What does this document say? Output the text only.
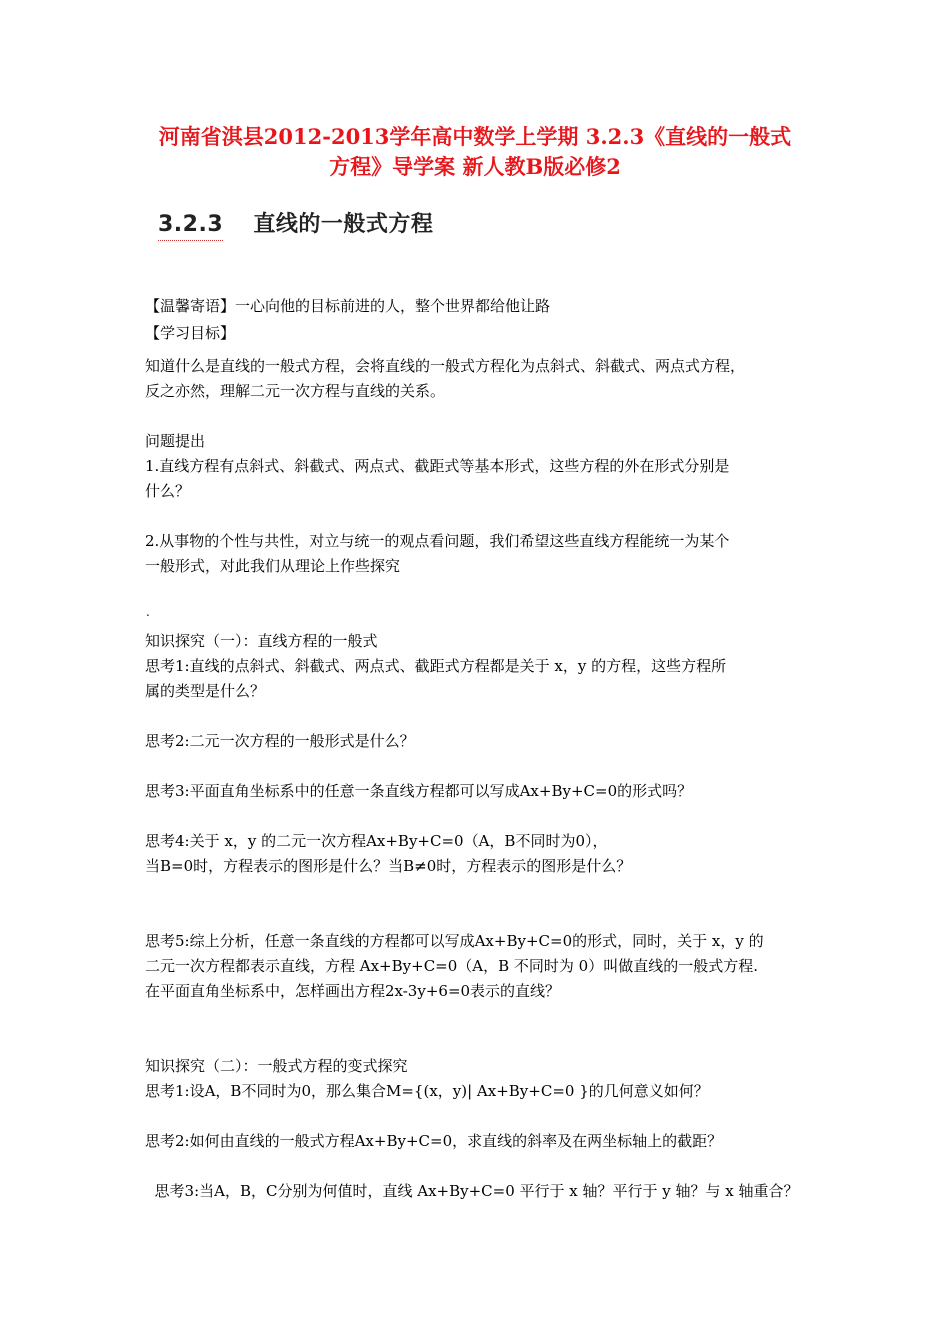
河南省淇县2012-2013学年高中数学上学期 3.2.3《直线的一般式
方程》导学案 新人教B版必修2
3.2.3 直线的一般式方程
【温馨寄语】一心向他的目标前进的人，整个世界都给他让路
【学习目标】
知道什么是直线的一般式方程，会将直线的一般式方程化为点斜式、斜截式、两点式方程，
反之亦然，理解二元一次方程与直线的关系。
问题提出
1.直线方程有点斜式、斜截式、两点式、截距式等基本形式，这些方程的外在形式分别是
什么？
2.从事物的个性与共性，对立与统一的观点看问题，我们希望这些直线方程能统一为某个
一般形式，对此我们从理论上作些探究
.
知识探究（一）：直线方程的一般式
思考1:直线的点斜式、斜截式、两点式、截距式方程都是关于 x，y 的方程，这些方程所
属的类型是什么？
思考2:二元一次方程的一般形式是什么？
思考3:平面直角坐标系中的任意一条直线方程都可以写成Ax+By+C=0的形式吗？
思考4:关于 x，y 的二元一次方程Ax+By+C=0（A，B不同时为0），
当B=0时，方程表示的图形是什么？当B≠0时，方程表示的图形是什么？
思考5:综上分析，任意一条直线的方程都可以写成Ax+By+C=0的形式，同时，关于 x，y 的
二元一次方程都表示直线，方程 Ax+By+C=0（A，B 不同时为 0）叫做直线的一般式方程.
在平面直角坐标系中，怎样画出方程2x-3y+6=0表示的直线？
知识探究（二）：一般式方程的变式探究
思考1:设A，B不同时为0，那么集合M={(x，y)| Ax+By+C=0 }的几何意义如何？
思考2:如何由直线的一般式方程Ax+By+C=0，求直线的斜率及在两坐标轴上的截距？
思考3:当A，B，C分别为何值时，直线 Ax+By+C=0 平行于 x 轴？平行于 y 轴？与 x 轴重合？
